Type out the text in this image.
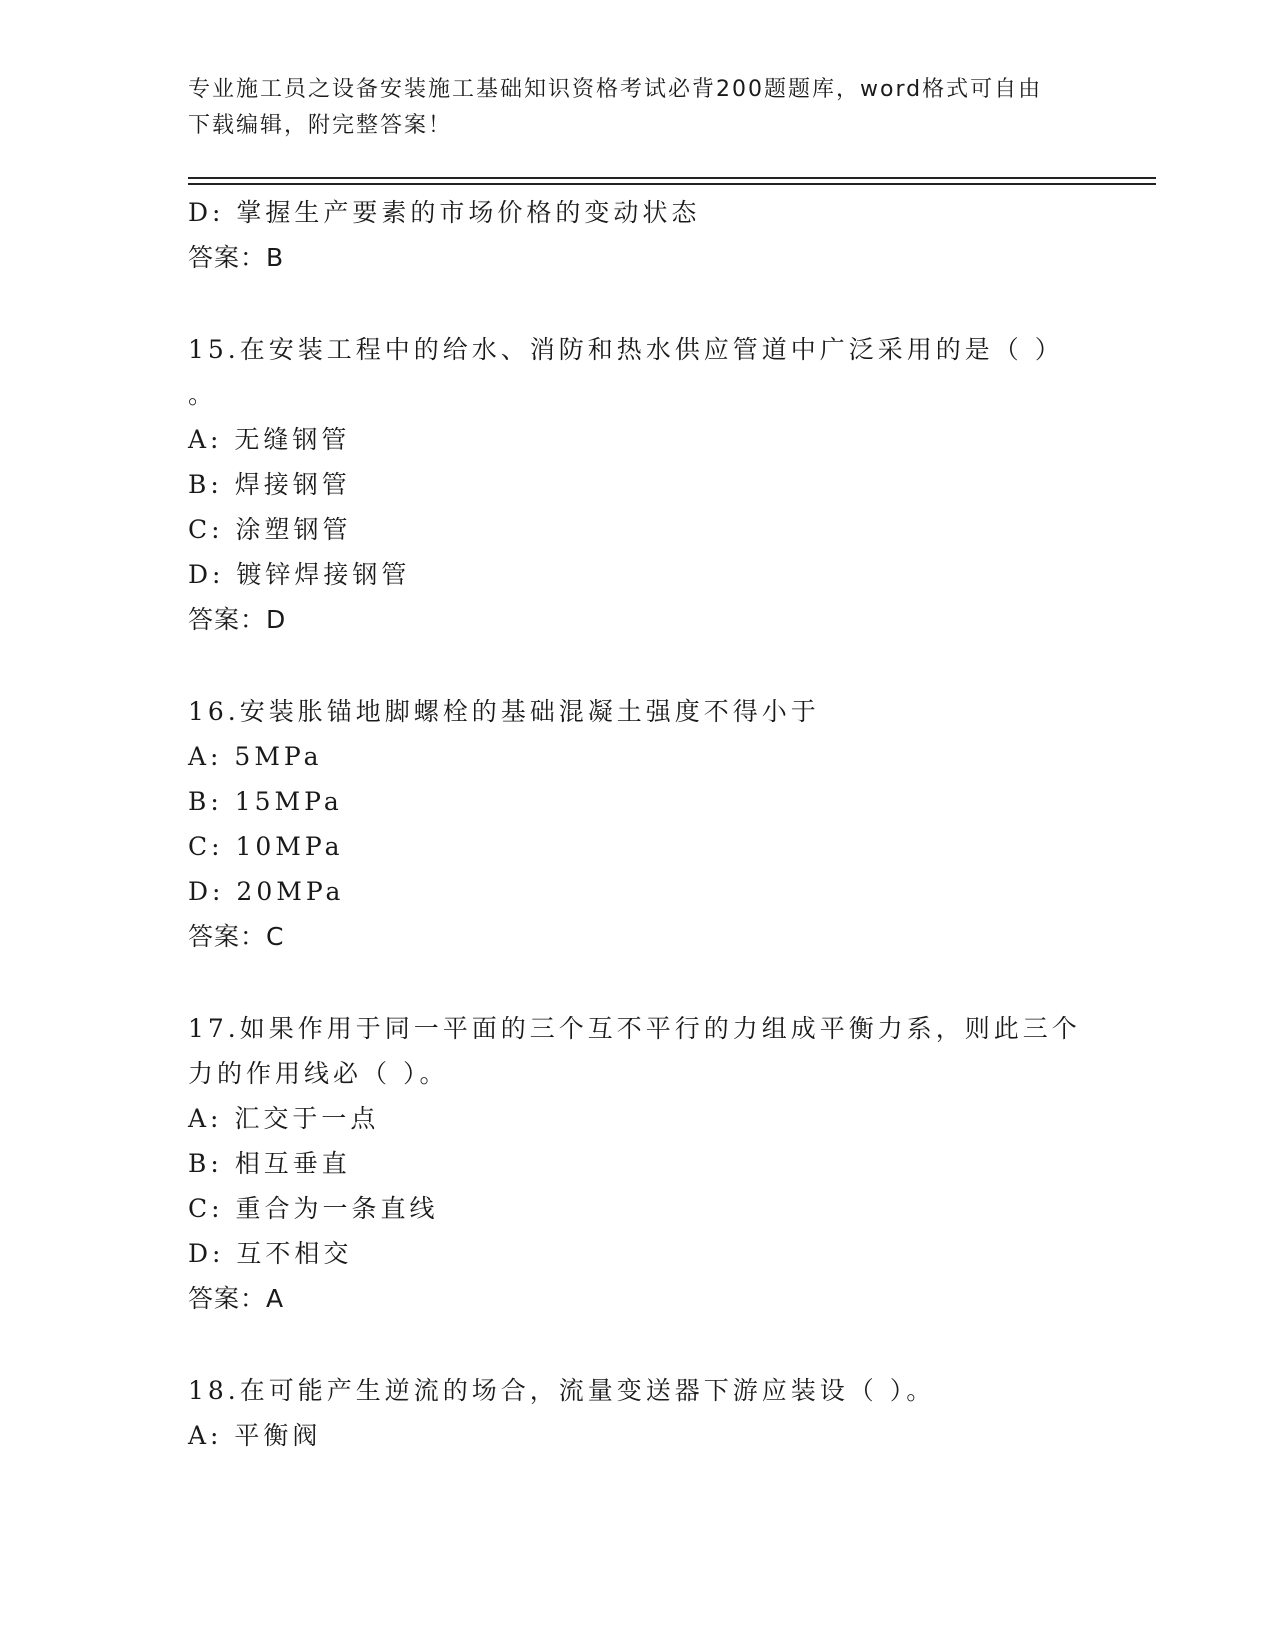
专业施工员之设备安装施工基础知识资格考试必背200题题库，word格式可自由
下载编辑，附完整答案！
D: 掌握生产要素的市场价格的变动状态
答案：B
15.在安装工程中的给水、消防和热水供应管道中广泛采用的是（ ）
。
A: 无缝钢管
B: 焊接钢管
C: 涂塑钢管
D: 镀锌焊接钢管
答案：D
16.安装胀锚地脚螺栓的基础混凝土强度不得小于
A: 5MPa
B: 15MPa
C: 10MPa
D: 20MPa
答案：C
17.如果作用于同一平面的三个互不平行的力组成平衡力系，则此三个
力的作用线必（ ）。
A: 汇交于一点
B: 相互垂直
C: 重合为一条直线
D: 互不相交
答案：A
18.在可能产生逆流的场合，流量变送器下游应装设（ ）。
A: 平衡阀
